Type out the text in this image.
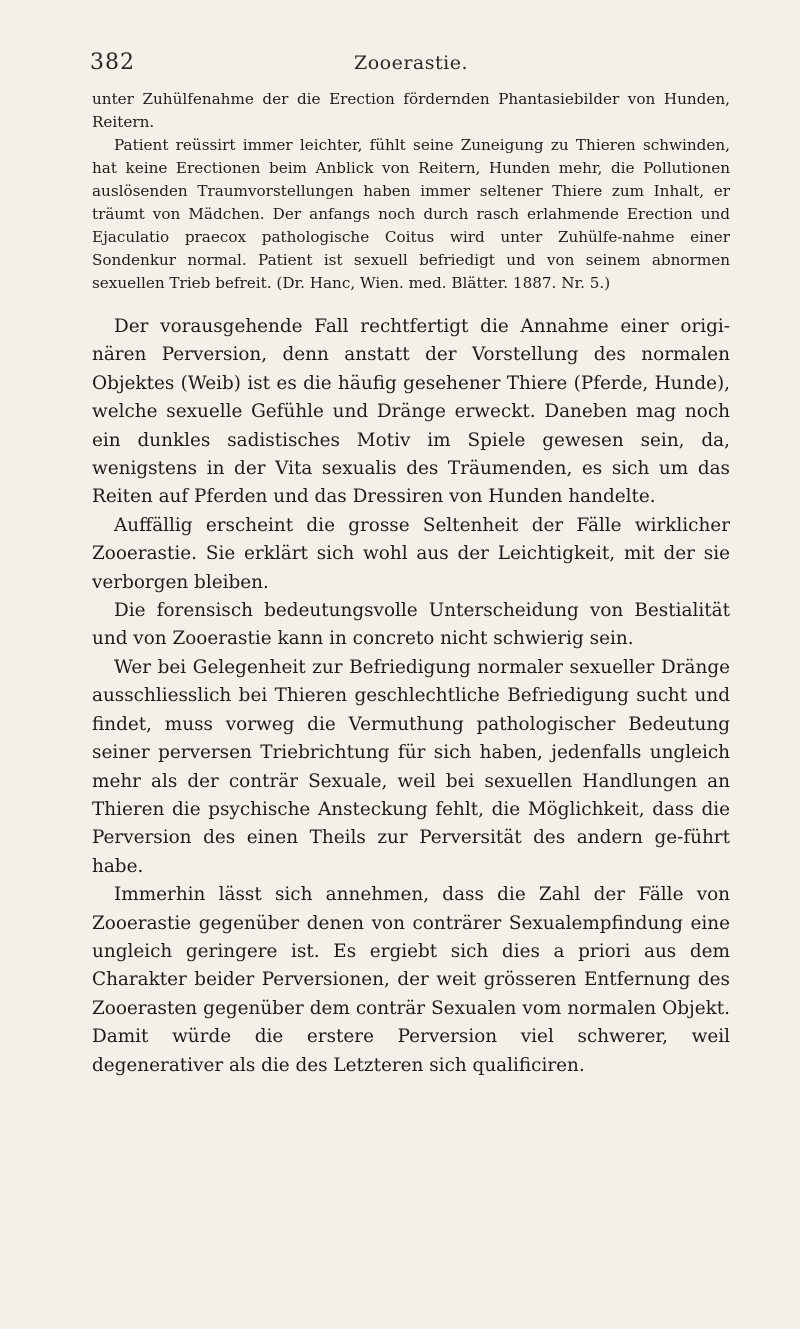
382	Zooerastie.

unter Zuhülfenahme der die Erection fördernden Phantasiebilder von Hunden, Reitern.

Patient reüssirt immer leichter, fühlt seine Zuneigung zu Thieren schwinden, hat keine Erectionen beim Anblick von Reitern, Hunden mehr, die Pollutionen auslösenden Traumvorstellungen haben immer seltener Thiere zum Inhalt, er träumt von Mädchen. Der anfangs noch durch rasch erlahmende Erection und Ejaculatio praecox pathologische Coitus wird unter Zuhülfe-nahme einer Sondenkur normal. Patient ist sexuell befriedigt und von seinem abnormen sexuellen Trieb befreit. (Dr. Hanc, Wien. med. Blätter. 1887. Nr. 5.)

Der vorausgehende Fall rechtfertigt die Annahme einer origi-nären Perversion, denn anstatt der Vorstellung des normalen Objektes (Weib) ist es die häufig gesehener Thiere (Pferde, Hunde), welche sexuelle Gefühle und Dränge erweckt. Daneben mag noch ein dunkles sadistisches Motiv im Spiele gewesen sein, da, wenigstens in der Vita sexualis des Träumenden, es sich um das Reiten auf Pferden und das Dressiren von Hunden handelte.

Auffällig erscheint die grosse Seltenheit der Fälle wirklicher Zooerastie. Sie erklärt sich wohl aus der Leichtigkeit, mit der sie verborgen bleiben.

Die forensisch bedeutungsvolle Unterscheidung von Bestialität und von Zooerastie kann in concreto nicht schwierig sein.

Wer bei Gelegenheit zur Befriedigung normaler sexueller Dränge ausschliesslich bei Thieren geschlechtliche Befriedigung sucht und findet, muss vorweg die Vermuthung pathologischer Bedeutung seiner perversen Triebrichtung für sich haben, jedenfalls ungleich mehr als der conträr Sexuale, weil bei sexuellen Handlungen an Thieren die psychische Ansteckung fehlt, die Möglichkeit, dass die Perversion des einen Theils zur Perversität des andern ge-führt habe.

Immerhin lässt sich annehmen, dass die Zahl der Fälle von Zooerastie gegenüber denen von conträrer Sexualempfindung eine ungleich geringere ist. Es ergiebt sich dies a priori aus dem Charakter beider Perversionen, der weit grösseren Entfernung des Zooerasten gegenüber dem conträr Sexualen vom normalen Objekt. Damit würde die erstere Perversion viel schwerer, weil degenerativer als die des Letzteren sich qualificiren.
